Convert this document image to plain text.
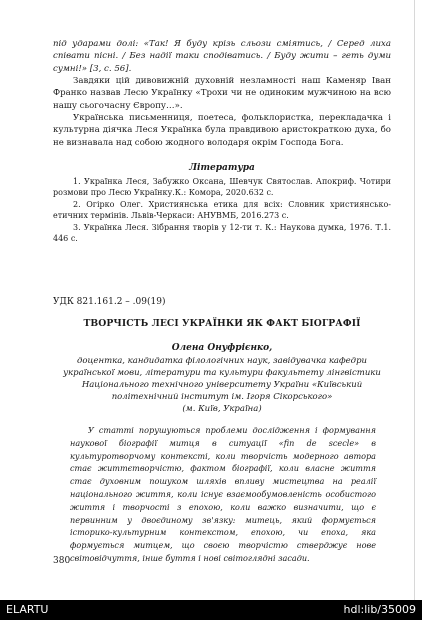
під ударами долі: «Так! Я буду крізь сльози сміятись, / Серед лиха співати пісні. / Без надії таки сподіватись. / Буду жити – геть думи сумні!» [3, с. 56].

Завдяки цій дивовижній духовній незламності наш Каменяр Іван Франко назвав Лесю Українку «Трохи чи не одиноким мужчиною на всю нашу сьогочасну Європу…».

Українська письменниця, поетеса, фольклористка, перекладачка і культурна діячка Леся Українка була правдивою аристократкою духа, бо не визнавала над собою жодного володаря окрім Господа Бога.

Література

1. Українка Леся, Забужко Оксана, Шевчук Святослав. Апокриф. Чотири розмови про Лесю Українку.К.: Комора, 2020.632 с.

2. Огірко Олег. Християнська етика для всіх: Словник християнсько-етичних термінів. Львів-Черкаси: АНУВМБ, 2016.273 с.

3. Українка Леся. Зібрання творів у 12-ти т. К.: Наукова думка, 1976. Т.1. 446 с.

УДК 821.161.2 – .09(19)

ТВОРЧІСТЬ ЛЕСІ УКРАЇНКИ ЯК ФАКТ БІОГРАФІЇ

Олена Онуфрієнко,

доцентка, кандидатка філологічних наук, завідувачка кафедри української мови, літератури та культури факультету лінгвістики Національного технічного університету України «Київський політехнічний інститут ім. Ігоря Сікорського»

(м. Київ, Україна)

У статті порушуються проблеми дослідження і формування наукової біографії митця в ситуації «fin de scecle» в культуротворчому контексті, коли творчість модерного автора стає життєтворчістю, фактом біографії, коли власне життя стає духовним пошуком шляхів впливу мистецтва на реалії національного життя, коли існує взаємообумовленість особистого життя і творчості з епохою, коли важко визначити, що є первинним у двоєдиному зв'язку: митець, який формується історико-культурним контекстом, епохою, чи епоха, яка формується митцем, що своєю творчістю стверджує нове світовідчуття, інше буття і нові світоглядні засади.

380
ELARTU	hdl:lib/35009
